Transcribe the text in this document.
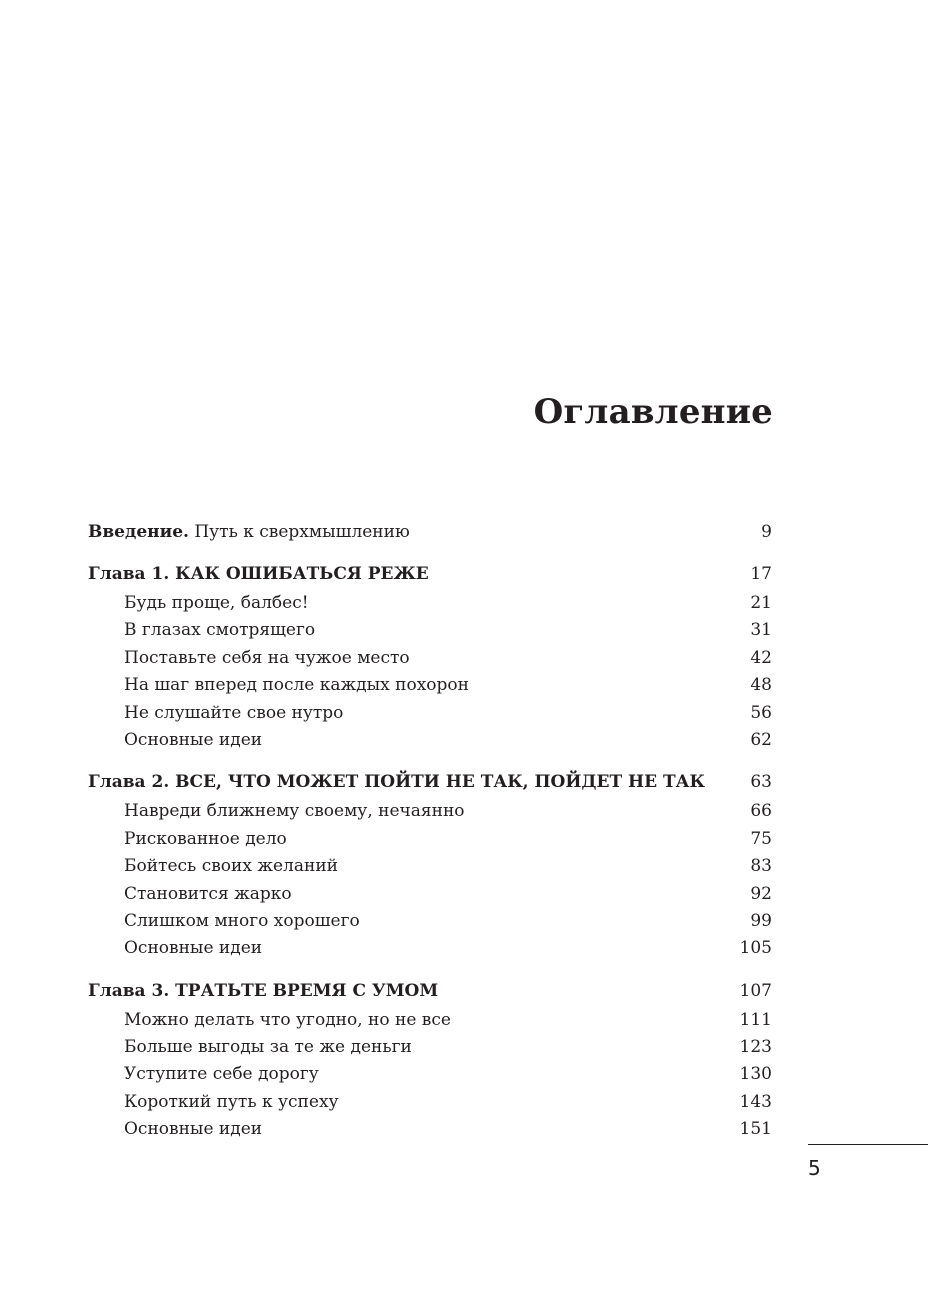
Оглавление
Введение. Путь к сверхмышлению	9
Глава 1. КАК ОШИБАТЬСЯ РЕЖЕ	17
Будь проще, балбес!	21
В глазах смотрящего	31
Поставьте себя на чужое место	42
На шаг вперед после каждых похорон	48
Не слушайте свое нутро	56
Основные идеи	62
Глава 2. ВСЕ, ЧТО МОЖЕТ ПОЙТИ НЕ ТАК, ПОЙДЕТ НЕ ТАК	63
Навреди ближнему своему, нечаянно	66
Рискованное дело	75
Бойтесь своих желаний	83
Становится жарко	92
Слишком много хорошего	99
Основные идеи	105
Глава 3. ТРАТЬТЕ ВРЕМЯ С УМОМ	107
Можно делать что угодно, но не все	111
Больше выгоды за те же деньги	123
Уступите себе дорогу	130
Короткий путь к успеху	143
Основные идеи	151
5
